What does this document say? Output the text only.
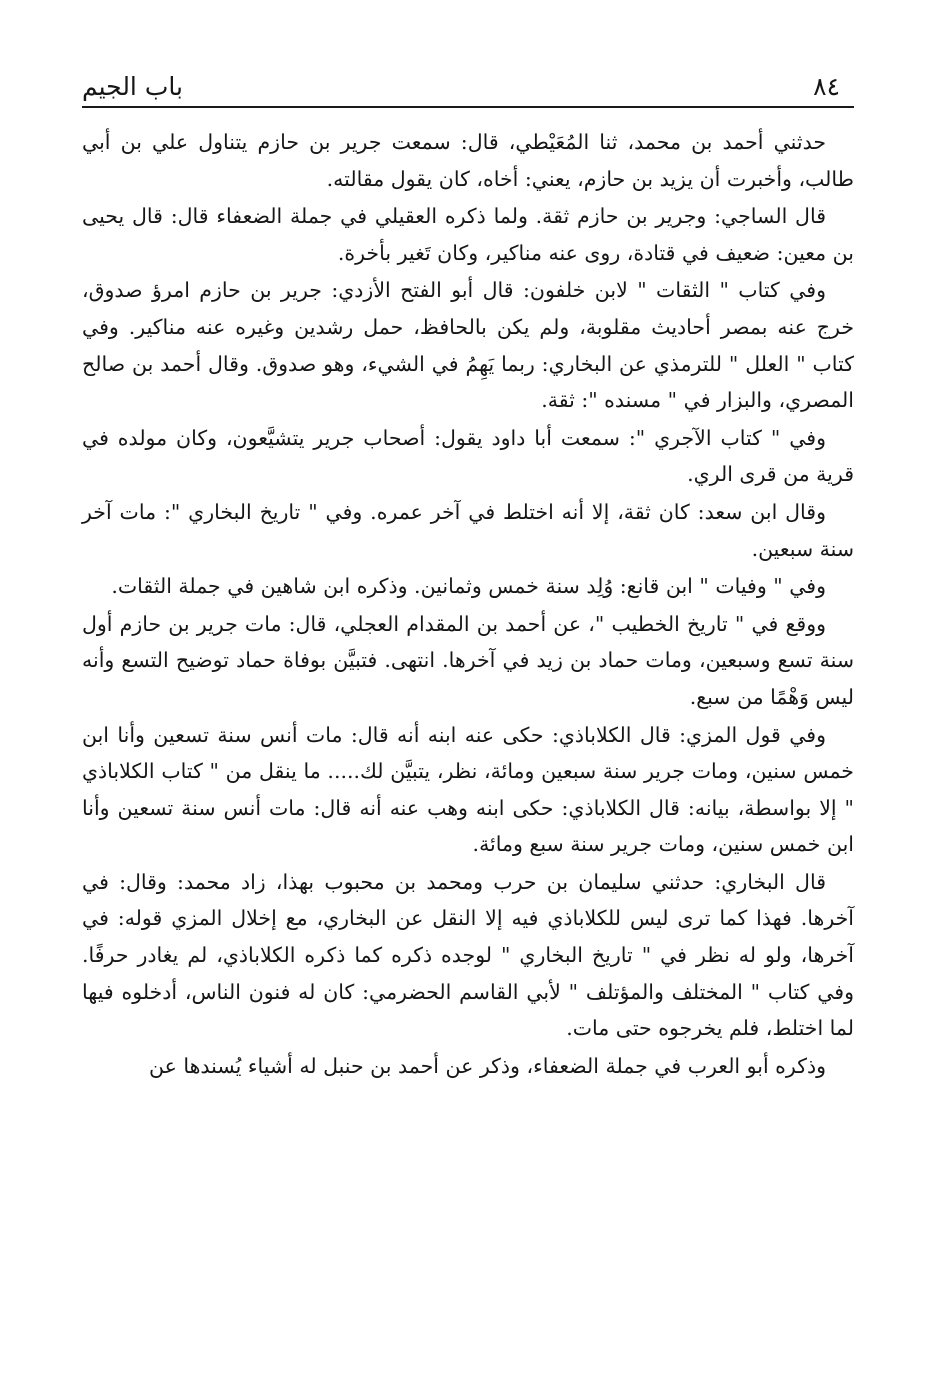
٨٤
باب الجيم

حدثني أحمد بن محمد، ثنا المُعَيْطي، قال: سمعت جرير بن حازم يتناول علي بن أبي طالب، وأخبرت أن يزيد بن حازم، يعني: أخاه، كان يقول مقالته.

قال الساجي: وجرير بن حازم ثقة. ولما ذكره العقيلي في جملة الضعفاء قال: قال يحيى بن معين: ضعيف في قتادة، روى عنه مناكير، وكان تَغير بأخرة.

وفي كتاب " الثقات " لابن خلفون: قال أبو الفتح الأزدي: جرير بن حازم امرؤ صدوق، خرج عنه بمصر أحاديث مقلوبة، ولم يكن بالحافظ، حمل رشدين وغيره عنه مناكير. وفي كتاب " العلل " للترمذي عن البخاري: ربما يَهِمُ في الشيء، وهو صدوق. وقال أحمد بن صالح المصري، والبزار في " مسنده ": ثقة.

وفي " كتاب الآجري ": سمعت أبا داود يقول: أصحاب جرير يتشيَّعون، وكان مولده في قرية من قرى الري.

وقال ابن سعد: كان ثقة، إلا أنه اختلط في آخر عمره. وفي " تاريخ البخاري ": مات آخر سنة سبعين.

وفي " وفيات " ابن قانع: وُلِد سنة خمس وثمانين. وذكره ابن شاهين في جملة الثقات.

ووقع في " تاريخ الخطيب "، عن أحمد بن المقدام العجلي، قال: مات جرير بن حازم أول سنة تسع وسبعين، ومات حماد بن زيد في آخرها. انتهى. فتبيَّن بوفاة حماد توضيح التسع وأنه ليس وَهْمًا من سبع.

وفي قول المزي: قال الكلاباذي: حكى عنه ابنه أنه قال: مات أنس سنة تسعين وأنا ابن خمس سنين، ومات جرير سنة سبعين ومائة، نظر، يتبيَّن لك..... ما ينقل من " كتاب الكلاباذي " إلا بواسطة، بيانه: قال الكلاباذي: حكى ابنه وهب عنه أنه قال: مات أنس سنة تسعين وأنا ابن خمس سنين، ومات جرير سنة سبع ومائة.

قال البخاري: حدثني سليمان بن حرب ومحمد بن محبوب بهذا، زاد محمد: وقال: في آخرها. فهذا كما ترى ليس للكلاباذي فيه إلا النقل عن البخاري، مع إخلال المزي قوله: في آخرها، ولو له نظر في " تاريخ البخاري " لوجده ذكره كما ذكره الكلاباذي، لم يغادر حرفًا. وفي كتاب " المختلف والمؤتلف " لأبي القاسم الحضرمي: كان له فنون الناس، أدخلوه فيها لما اختلط، فلم يخرجوه حتى مات.

وذكره أبو العرب في جملة الضعفاء، وذكر عن أحمد بن حنبل له أشياء يُسندها عن
